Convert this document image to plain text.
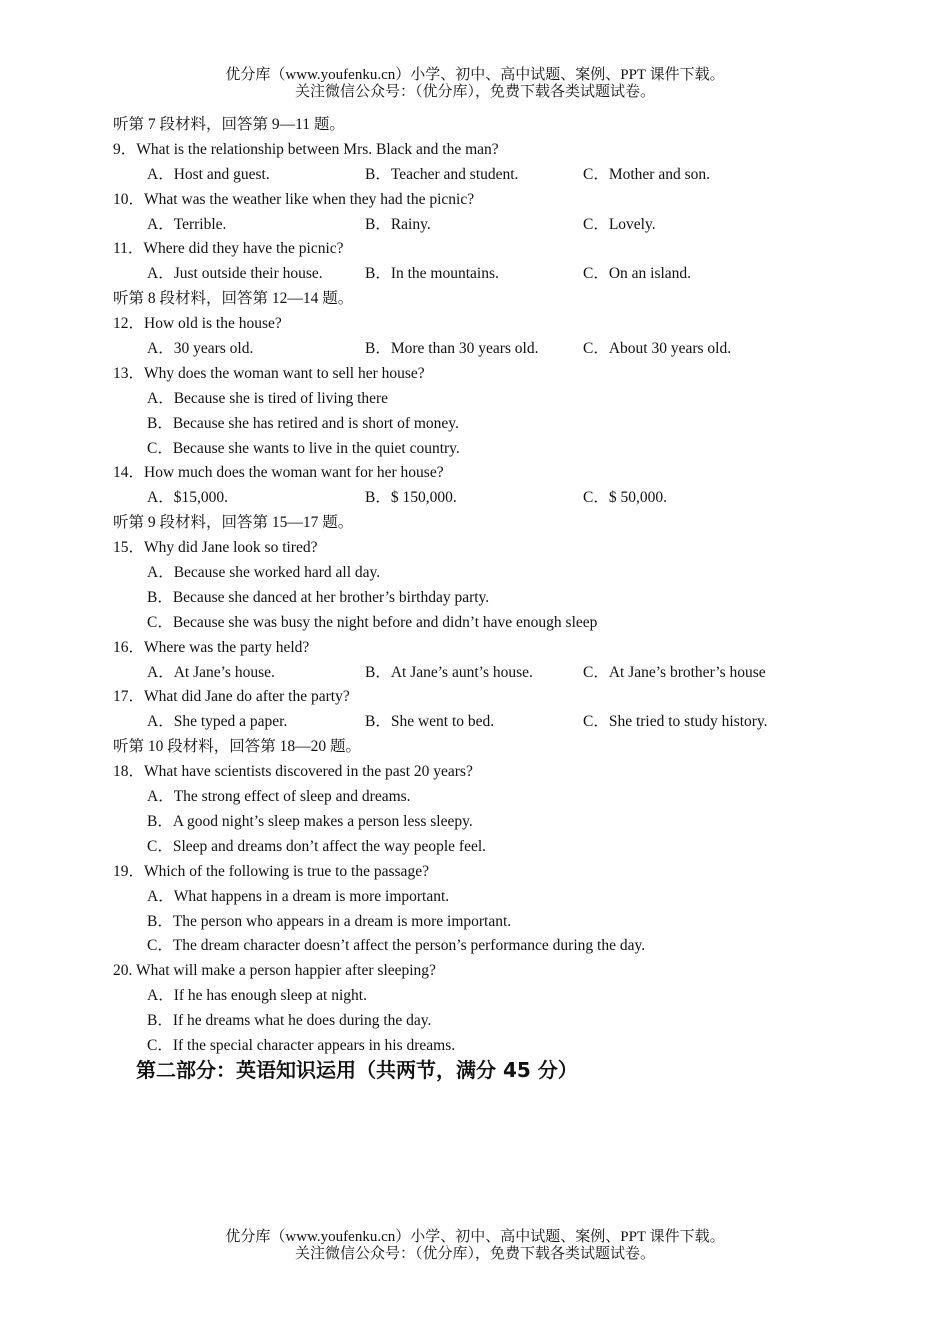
优分库（www.youfenku.cn）小学、初中、高中试题、案例、PPT 课件下载。
关注微信公众号：（优分库），免费下载各类试题试卷。
听第 7 段材料，回答第 9—11 题。
9．What is the relationship between Mrs. Black and the man?
A．Host and guest.	B．Teacher and student.	C．Mother and son.
10．What was the weather like when they had the picnic?
A．Terrible.	B．Rainy.	C．Lovely.
11．Where did they have the picnic?
A．Just outside their house.	B．In the mountains.	C．On an island.
听第 8 段材料，回答第 12—14 题。
12．How old is the house?
A．30 years old.	B．More than 30 years old.	C．About 30 years old.
13．Why does the woman want to sell her house?
A．Because she is tired of living there
B．Because she has retired and is short of money.
C．Because she wants to live in the quiet country.
14．How much does the woman want for her house?
A．$15,000.	B．$ 150,000.	C．$ 50,000.
听第 9 段材料，回答第 15—17 题。
15．Why did Jane look so tired?
A．Because she worked hard all day.
B．Because she danced at her brother’s birthday party.
C．Because she was busy the night before and didn’t have enough sleep
16．Where was the party held?
A．At Jane’s house.	B．At Jane’s aunt’s house.	C．At Jane’s brother’s house
17．What did Jane do after the party?
A．She typed a paper.	B．She went to bed.	C．She tried to study history.
听第 10 段材料，回答第 18—20 题。
18．What have scientists discovered in the past 20 years?
A．The strong effect of sleep and dreams.
B．A good night’s sleep makes a person less sleepy.
C．Sleep and dreams don’t affect the way people feel.
19．Which of the following is true to the passage?
A．What happens in a dream is more important.
B．The person who appears in a dream is more important.
C．The dream character doesn’t affect the person’s performance during the day.
20. What will make a person happier after sleeping?
A．If he has enough sleep at night.
B．If he dreams what he does during the day.
C．If the special character appears in his dreams.
第二部分：英语知识运用（共两节，满分 45 分）
优分库（www.youfenku.cn）小学、初中、高中试题、案例、PPT 课件下载。
关注微信公众号：（优分库），免费下载各类试题试卷。
